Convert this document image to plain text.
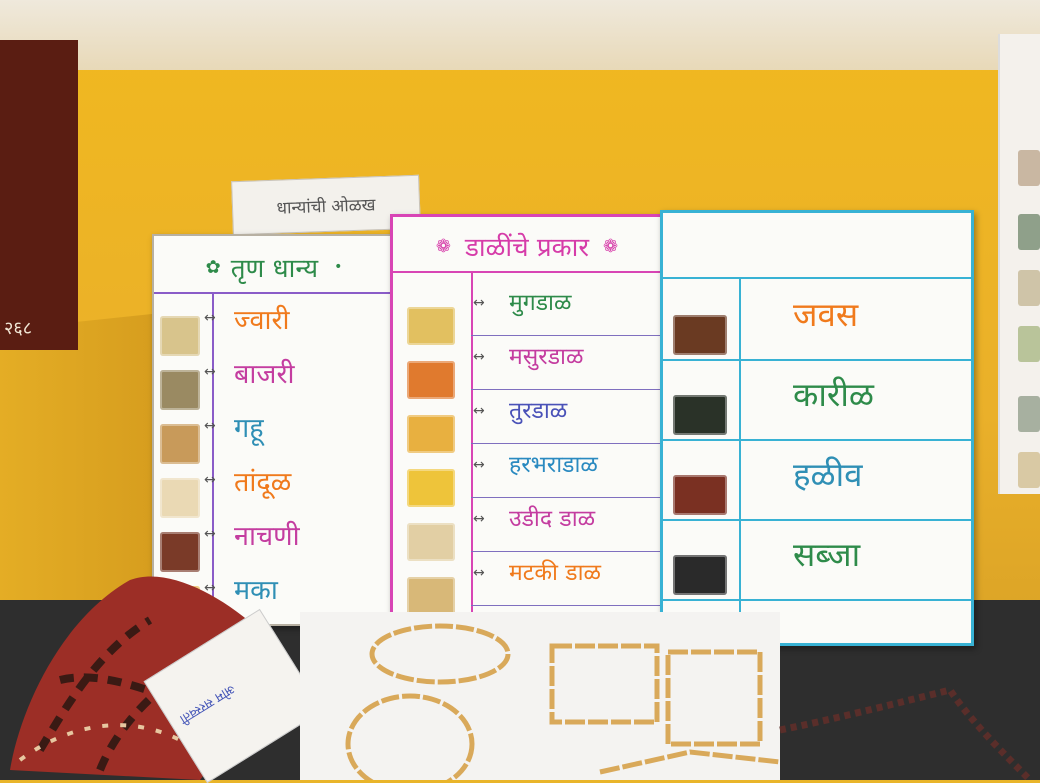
२६८
धान्यांची ओळख
✿ तृण धान्य •
↔ ज्वारी
↔ बाजरी
↔ गहू
↔ तांदूळ
↔ नाचणी
↔ मका
❁ डाळींचे प्रकार ❁
↔ मुगडाळ
↔ मसुरडाळ
↔ तुरडाळ
↔ हरभराडाळ
↔ उडीद डाळ
↔ मटकी डाळ
जवस
कारीळ
हळीव
सब्जा
ओम सरस्वती
